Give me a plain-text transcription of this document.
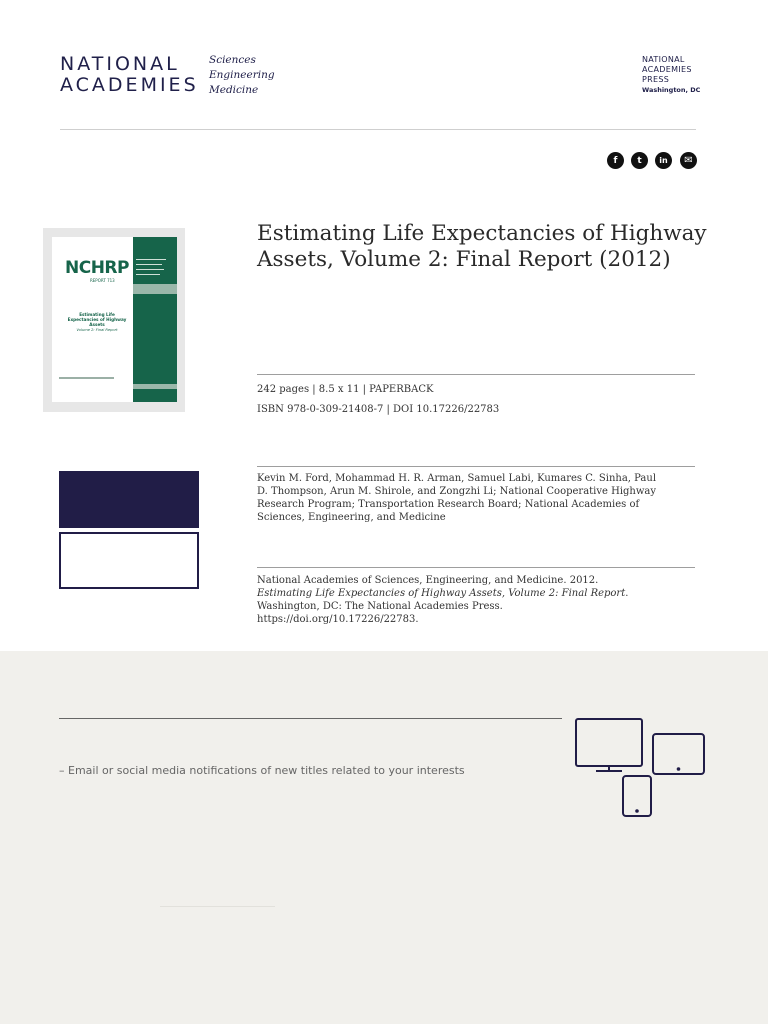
NATIONAL
ACADEMIES
Sciences
Engineering
Medicine
NATIONAL
ACADEMIES
PRESS
Washington, DC
f t in ✉
NCHRP
REPORT 713
Estimating Life Expectancies of Highway Assets
Volume 2: Final Report
Estimating Life Expectancies of Highway Assets, Volume 2: Final Report (2012)
242 pages | 8.5 x 11 | PAPERBACK
ISBN 978-0-309-21408-7 | DOI 10.17226/22783
Kevin M. Ford, Mohammad H. R. Arman, Samuel Labi, Kumares C. Sinha, Paul D. Thompson, Arun M. Shirole, and Zongzhi Li; National Cooperative Highway Research Program; Transportation Research Board; National Academies of Sciences, Engineering, and Medicine
National Academies of Sciences, Engineering, and Medicine. 2012. Estimating Life Expectancies of Highway Assets, Volume 2: Final Report. Washington, DC: The National Academies Press. https://doi.org/10.17226/22783.
– Email or social media notifications of new titles related to your interests
